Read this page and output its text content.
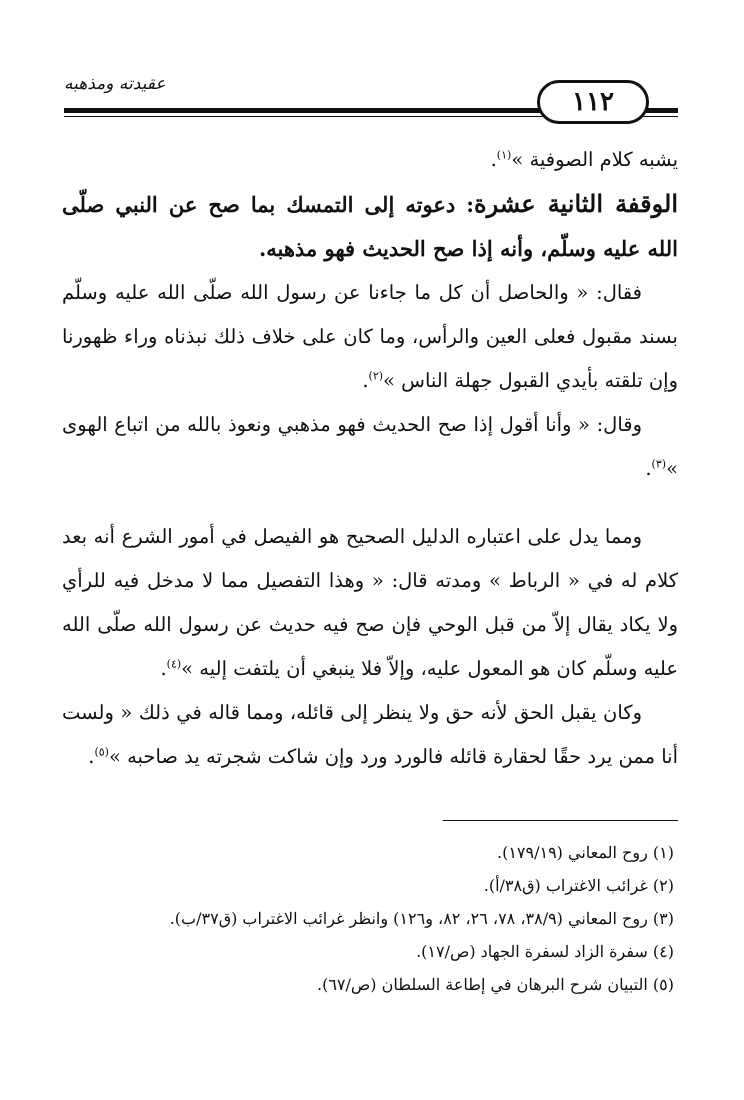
عقيدته ومذهبه
١١٢

يشبه كلام الصوفية »$^{(١)}$.

الوقفة الثانية عشرة: دعوته إلى التمسك بما صح عن النبي صلّى الله عليه وسلّم، وأنه إذا صح الحديث فهو مذهبه.

فقال: « والحاصل أن كل ما جاءنا عن رسول الله صلّى الله عليه وسلّم بسند مقبول فعلى العين والرأس، وما كان على خلاف ذلك نبذناه وراء ظهورنا وإن تلقته بأيدي القبول جهلة الناس »$^{(٢)}$.

وقال: « وأنا أقول إذا صح الحديث فهو مذهبي ونعوذ بالله من اتباع الهوى »$^{(٣)}$.

ومما يدل على اعتباره الدليل الصحيح هو الفيصل في أمور الشرع أنه بعد كلام له في « الرباط » ومدته قال: « وهذا التفصيل مما لا مدخل فيه للرأي ولا يكاد يقال إلاّ من قبل الوحي فإن صح فيه حديث عن رسول الله صلّى الله عليه وسلّم كان هو المعول عليه، وإلاّ فلا ينبغي أن يلتفت إليه »$^{(٤)}$.

وكان يقبل الحق لأنه حق ولا ينظر إلى قائله، ومما قاله في ذلك « ولست أنا ممن يرد حقًا لحقارة قائله فالورد ورد وإن شاكت شجرته يد صاحبه »$^{(٥)}$.

(١) روح المعاني (١٧٩/١٩).

(٢) غرائب الاغتراب (ق٣٨/أ).

(٣) روح المعاني (٣٨/٩، ٧٨، ٢٦، ٨٢، و١٢٦) وانظر غرائب الاغتراب (ق٣٧/ب).

(٤) سفرة الزاد لسفرة الجهاد (ص/١٧).

(٥) التبيان شرح البرهان في إطاعة السلطان (ص/٦٧).
